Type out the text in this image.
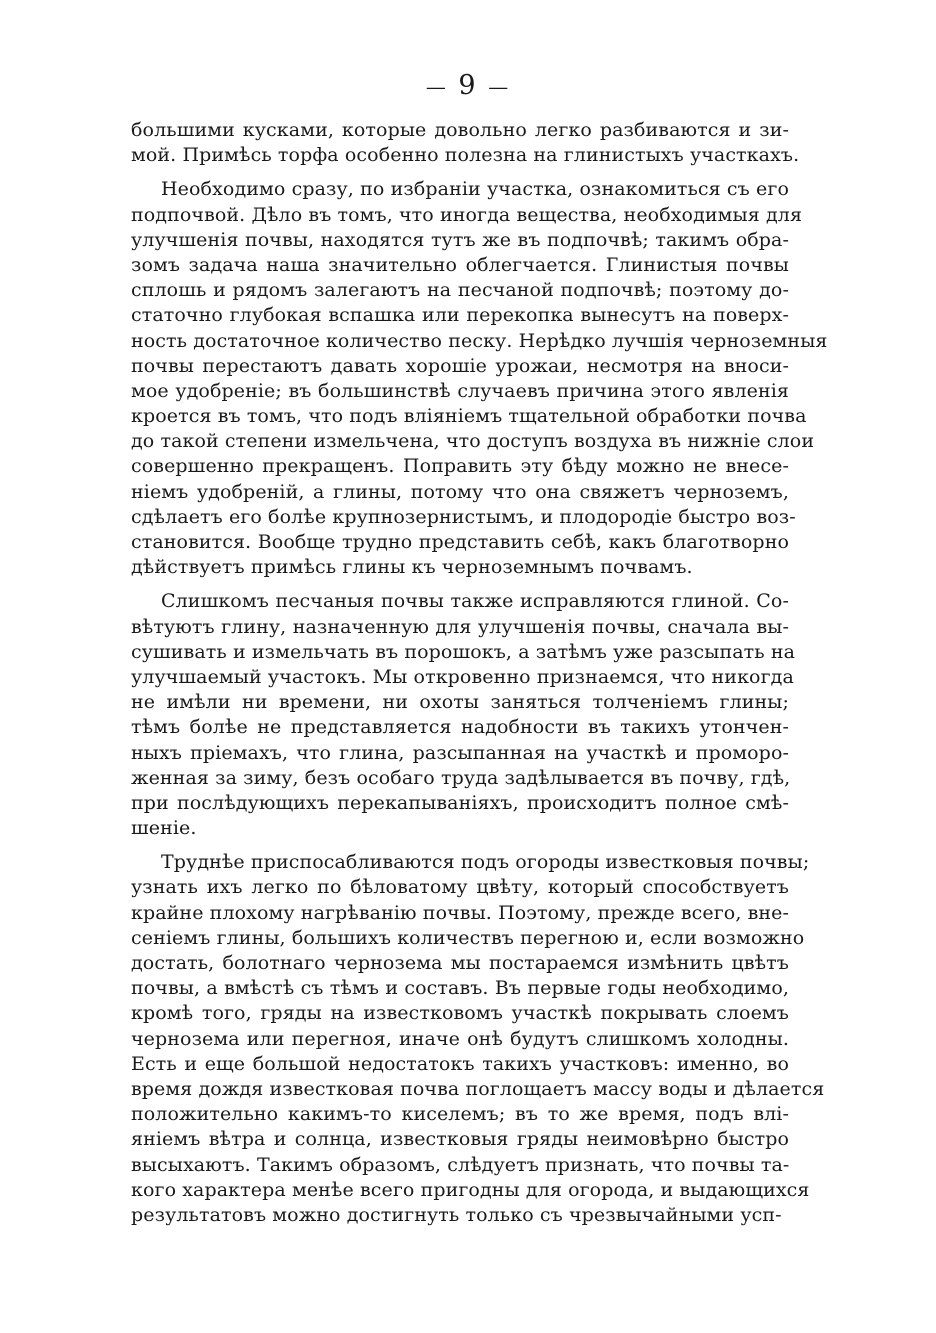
— 9 —
большими кусками, которые довольно легко разбиваются и зи-
мой. Примѣсь торфа особенно полезна на глинистыхъ участкахъ.
Необходимо сразу, по избраніи участка, ознакомиться съ его
подпочвой. Дѣло въ томъ, что иногда вещества, необходимыя для
улучшенія почвы, находятся тутъ же въ подпочвѣ; такимъ обра-
зомъ задача наша значительно облегчается. Глинистыя почвы
сплошь и рядомъ залегаютъ на песчаной подпочвѣ; поэтому до-
статочно глубокая вспашка или перекопка вынесутъ на поверх-
ность достаточное количество песку. Нерѣдко лучшія черноземныя
почвы перестаютъ давать хорошіе урожаи, несмотря на вноси-
мое удобреніе; въ большинствѣ случаевъ причина этого явленія
кроется въ томъ, что подъ вліяніемъ тщательной обработки почва
до такой степени измельчена, что доступъ воздуха въ нижніе слои
совершенно прекращенъ. Поправить эту бѣду можно не внесе-
ніемъ удобреній, а глины, потому что она свяжетъ черноземъ,
сдѣлаетъ его болѣе крупнозернистымъ, и плодородіе быстро воз-
становится. Вообще трудно представить себѣ, какъ благотворно
дѣйствуетъ примѣсь глины къ черноземнымъ почвамъ.
Слишкомъ песчаныя почвы также исправляются глиной. Со-
вѣтуютъ глину, назначенную для улучшенія почвы, сначала вы-
сушивать и измельчать въ порошокъ, а затѣмъ уже разсыпать на
улучшаемый участокъ. Мы откровенно признаемся, что никогда
не имѣли ни времени, ни охоты заняться толченіемъ глины;
тѣмъ болѣе не представляется надобности въ такихъ утончен-
ныхъ пріемахъ, что глина, разсыпанная на участкѣ и проморо-
женная за зиму, безъ особаго труда задѣлывается въ почву, гдѣ,
при послѣдующихъ перекапываніяхъ, происходитъ полное смѣ-
шеніе.
Труднѣе приспосабливаются подъ огороды известковыя почвы;
узнать ихъ легко по бѣловатому цвѣту, который способствуетъ
крайне плохому нагрѣванію почвы. Поэтому, прежде всего, вне-
сеніемъ глины, большихъ количествъ перегною и, если возможно
достать, болотнаго чернозема мы постараемся измѣнить цвѣтъ
почвы, а вмѣстѣ съ тѣмъ и составъ. Въ первые годы необходимо,
кромѣ того, гряды на известковомъ участкѣ покрывать слоемъ
чернозема или перегноя, иначе онѣ будутъ слишкомъ холодны.
Есть и еще большой недостатокъ такихъ участковъ: именно, во
время дождя известковая почва поглощаетъ массу воды и дѣлается
положительно какимъ-то киселемъ; въ то же время, подъ влі-
яніемъ вѣтра и солнца, известковыя гряды неимовѣрно быстро
высыхаютъ. Такимъ образомъ, слѣдуетъ признать, что почвы та-
кого характера менѣе всего пригодны для огорода, и выдающихся
результатовъ можно достигнуть только съ чрезвычайными усп-
